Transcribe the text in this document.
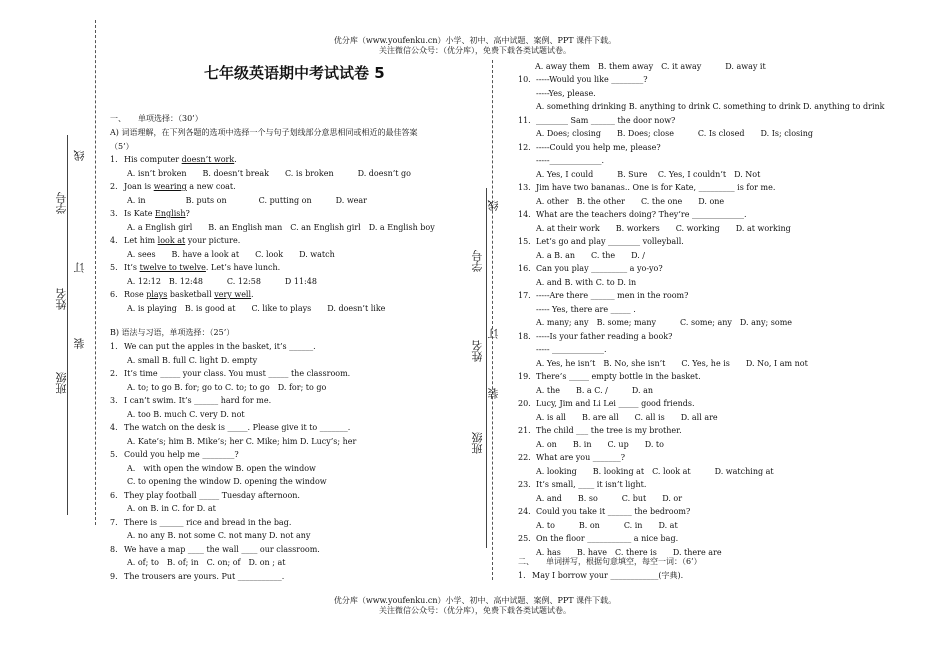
优分库（www.youfenku.cn）小学、初中、高中试题、案例、PPT 课件下载。
关注微信公众号：（优分库），免费下载各类试题试卷。
优分库（www.youfenku.cn）小学、初中、高中试题、案例、PPT 课件下载。
关注微信公众号：（优分库），免费下载各类试题试卷。
七年级英语期中考试试卷 5
学号
线
姓名
订
班级
装
学号
线
姓名
订
班级
装
一、　　单项选择：（30’）
A) 词语理解，在下列各题的选项中选择一个与句子划线部分意思相同或相近的最佳答案
（5’）
1. His computer doesn’t work.
A. isn’t broken　　B. doesn’t break　　C. is broken　　　D. doesn’t go
2. Joan is wearing a new coat.
A. in　　　　　B. puts on　　　　C. putting on　　　D. wear
3. Is Kate English?
A. a English girl　　B. an English man　C. an English girl　D. a English boy
4. Let him look at your picture.
A. sees　　B. have a look at　　C. look　　D. watch
5. It’s twelve to twelve. Let’s have lunch.
A. 12:12　B. 12:48　　　C. 12:58　　　D 11:48
6. Rose plays basketball very well.
A. is playing　B. is good at　　C. like to plays　　D. doesn’t like
B) 语法与习语，单项选择：（25’）
1. We can put the apples in the basket, it’s ______.
A. small B. full C. light D. empty
2. It’s time _____ your class. You must _____ the classroom.
A. to; to go B. for; go to C. to; to go　D. for; to go
3. I can’t swim. It’s ______ hard for me.
A. too B. much C. very D. not
4. The watch on the desk is _____. Please give it to _______.
A. Kate’s; him B. Mike’s; her C. Mike; him D. Lucy’s; her
5. Could you help me ________?
A.　with open the window B. open the window
C. to opening the window D. opening the window
6. They play football _____ Tuesday afternoon.
A. on B. in C. for D. at
7. There is ______ rice and bread in the bag.
A. no any B. not some C. not many D. not any
8. We have a map ____ the wall ____ our classroom.
A. of; to　B. of; in　C. on; of　D. on ; at
9. The trousers are yours. Put ___________.
A. away them　B. them away　C. it away　　　D. away it
10. -----Would you like ________?
-----Yes, please.
A. something drinking B. anything to drink C. something to drink D. anything to drink
11. ________ Sam ______ the door now?
A. Does; closing　　B. Does; close　　　C. Is closed　　D. Is; closing
12. -----Could you help me, please?
-----_____________.
A. Yes, I could　　　B. Sure　 C. Yes, I couldn’t　D. Not
13. Jim have two bananas.. One is for Kate, _________ is for me.
A. other　B. the other　　C. the one　　D. one
14. What are the teachers doing? They’re _____________.
A. at their work　　B. workers　　C. working　　D. at working
15. Let’s go and play ________ volleyball.
A. a B. an　　C. the　　D. /
16. Can you play _________ a yo-yo?
A. and B. with C. to D. in
17. -----Are there ______ men in the room?
----- Yes, there are _____ .
A. many; any　B. some; many　　　C. some; any　D. any; some
18. -----Is your father reading a book?
----- _____________.
A. Yes, he isn’t　B. No, she isn’t　　C. Yes, he is　　D. No, I am not
19. There’s _____ empty bottle in the basket.
A. the　　B. a C. /　　　D. an
20. Lucy, Jim and Li Lei _____ good friends.
A. is all　　B. are all　　C. all is　　D. all are
21. The child ___ the tree is my brother.
A. on　　B. in　　C. up　　D. to
22. What are you _______?
A. looking　　B. looking at　C. look at　　　D. watching at
23. It’s small, ____ it isn’t light.
A. and　　B. so　　　C. but　　D. or
24. Could you take it ______ the bedroom?
A. to　　　B. on　　　C. in　　D. at
25. On the floor ___________ a nice bag.
A. has　　B. have　C. there is　　D. there are
二、　　单词拼写，根据句意填空，每空一词：（6’）
1. May I borrow your ____________(字典).
